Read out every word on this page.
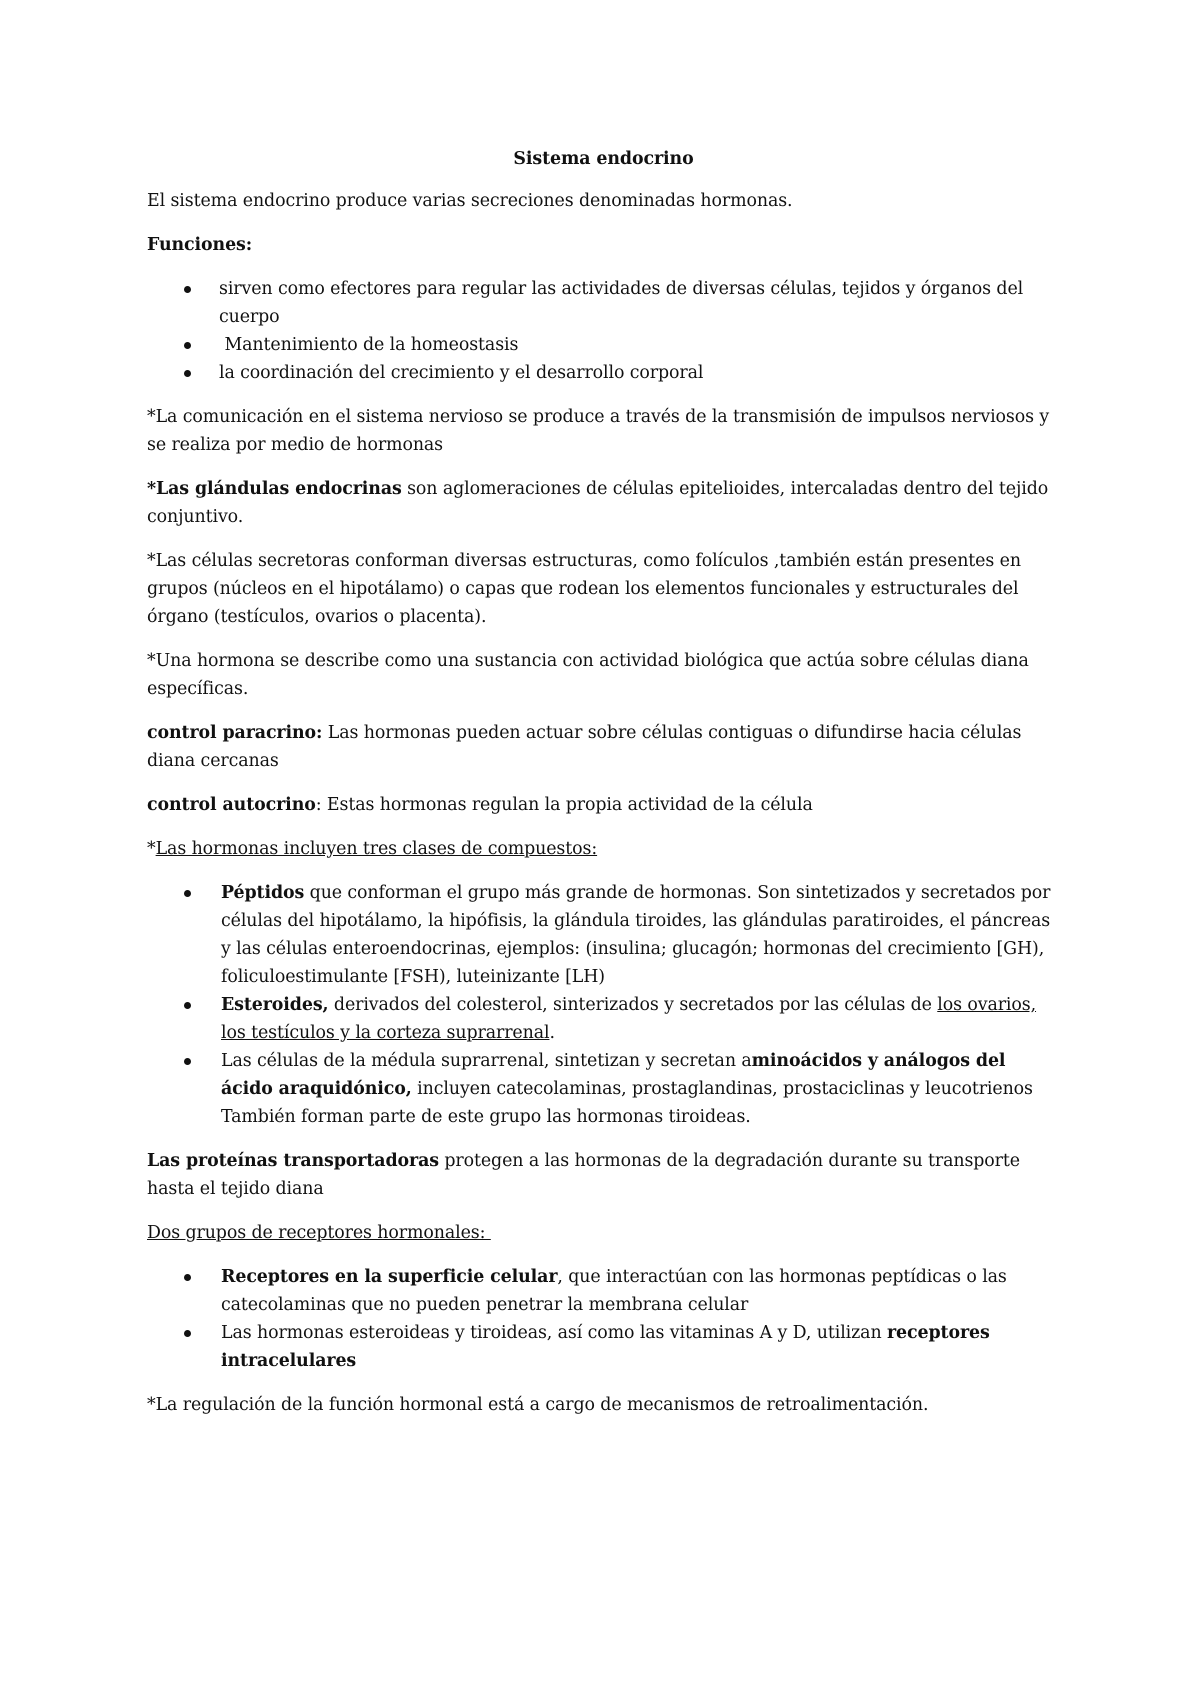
Sistema endocrino

El sistema endocrino produce varias secreciones denominadas hormonas.

Funciones:

sirven como efectores para regular las actividades de diversas células, tejidos y órganos del cuerpo
Mantenimiento de la homeostasis
la coordinación del crecimiento y el desarrollo corporal

*La comunicación en el sistema nervioso se produce a través de la transmisión de impulsos nerviosos y se realiza por medio de hormonas

*Las glándulas endocrinas son aglomeraciones de células epitelioides, intercaladas dentro del tejido conjuntivo.

*Las células secretoras conforman diversas estructuras, como folículos ,también están presentes en grupos (núcleos en el hipotálamo) o capas que rodean los elementos funcionales y estructurales del órgano (testículos, ovarios o placenta).

*Una hormona se describe como una sustancia con actividad biológica que actúa sobre células diana específicas.

control paracrino: Las hormonas pueden actuar sobre células contiguas o difundirse hacia células diana cercanas

control autocrino: Estas hormonas regulan la propia actividad de la célula

*Las hormonas incluyen tres clases de compuestos:

Péptidos que conforman el grupo más grande de hormonas. Son sintetizados y secretados por células del hipotálamo, la hipófisis, la glándula tiroides, las glándulas paratiroides, el páncreas y las células enteroendocrinas, ejemplos: (insulina; glucagón; hormonas del crecimiento [GH), foliculoestimulante [FSH), luteinizante [LH)
Esteroides, derivados del colesterol, sinterizados y secretados por las células de los ovarios, los testículos y la corteza suprarrenal.
Las células de la médula suprarrenal, sintetizan y secretan aminoácidos y análogos del ácido araquidónico, incluyen catecolaminas, prostaglandinas, prostaciclinas y leucotrienos También forman parte de este grupo las hormonas tiroideas.

Las proteínas transportadoras protegen a las hormonas de la degradación durante su transporte hasta el tejido diana

Dos grupos de receptores hormonales:

Receptores en la superficie celular, que interactúan con las hormonas peptídicas o las catecolaminas que no pueden penetrar la membrana celular
Las hormonas esteroideas y tiroideas, así como las vitaminas A y D, utilizan receptores intracelulares

*La regulación de la función hormonal está a cargo de mecanismos de retroalimentación.
